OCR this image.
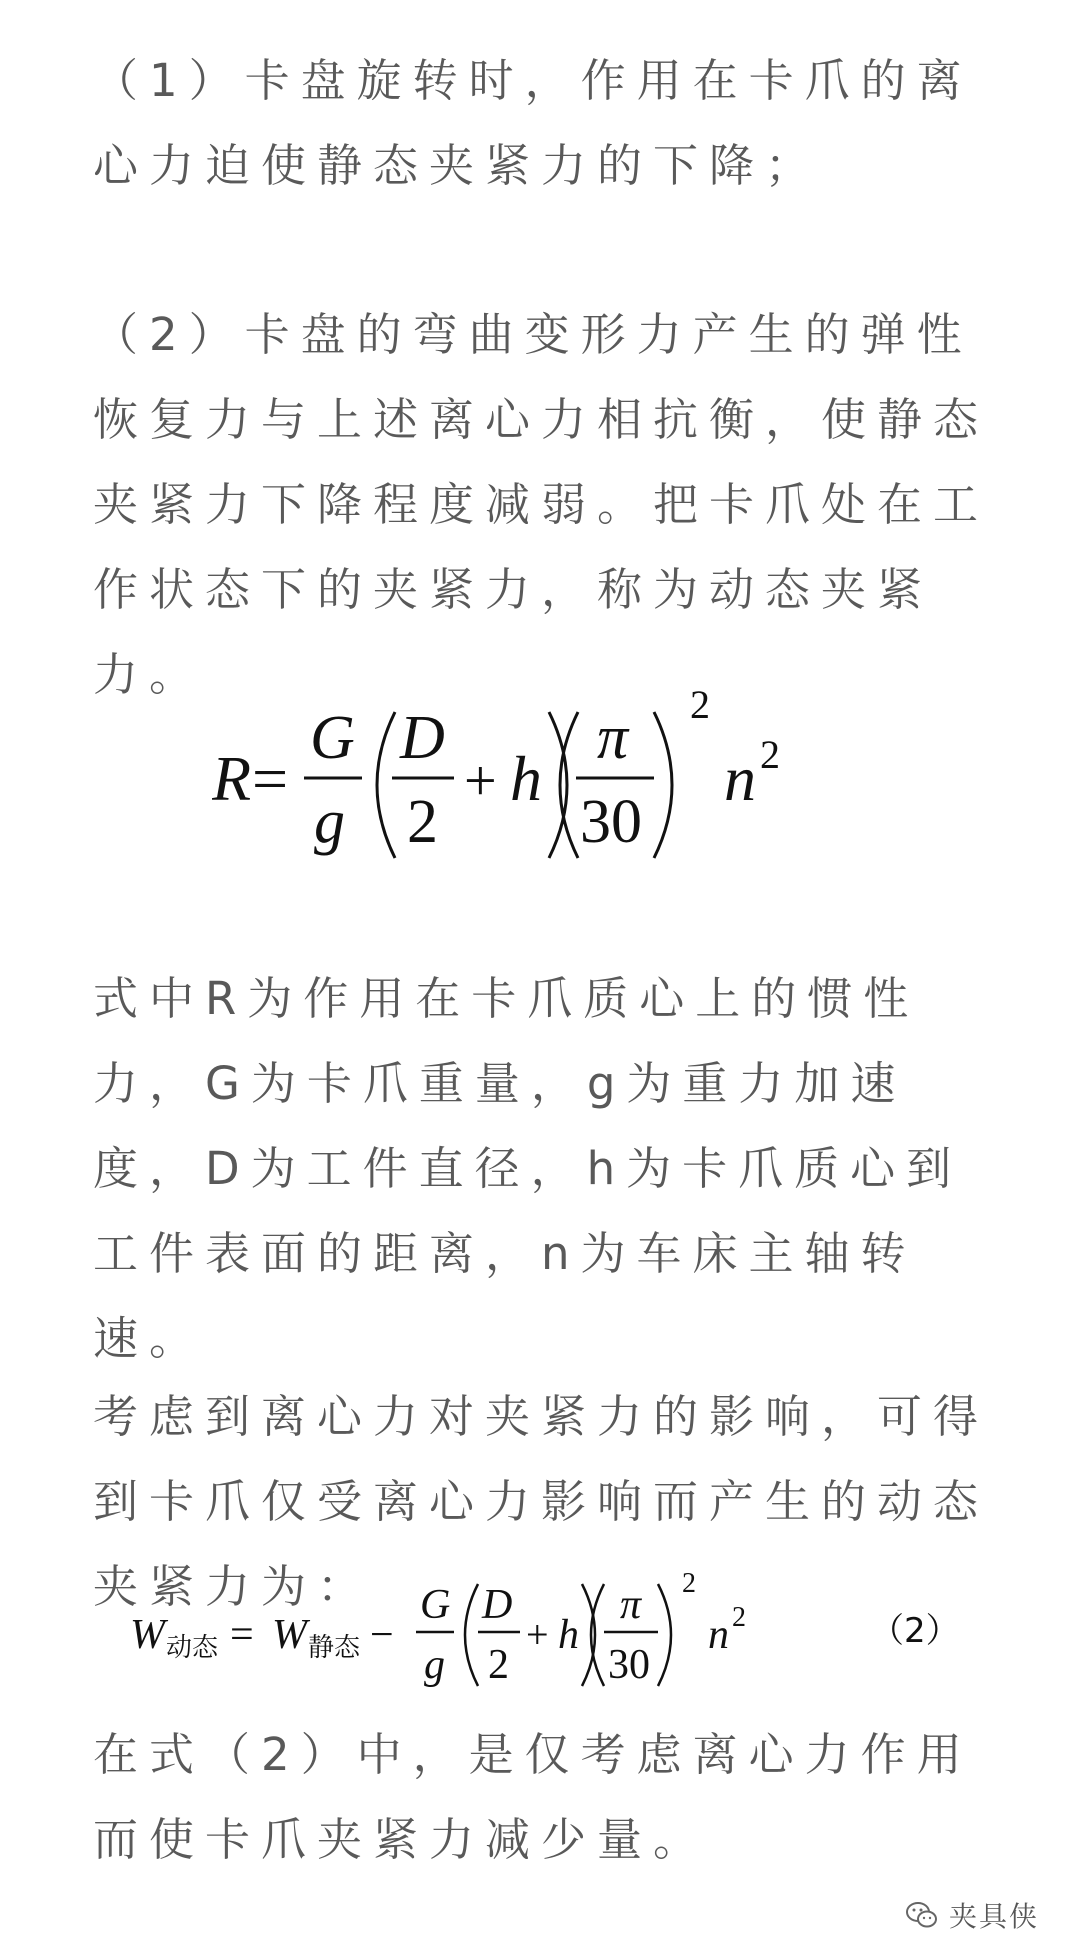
（1）卡盘旋转时，作用在卡爪的离心力迫使静态夹紧力的下降；

（2）卡盘的弯曲变形力产生的弹性恢复力与上述离心力相抗衡，使静态夹紧力下降程度减弱。把卡爪处在工作状态下的夹紧力，称为动态夹紧力。

R =
G
g
D
2
+ h
π
30
2
n 2

式中R为作用在卡爪质心上的惯性力，G为卡爪重量，g为重力加速度，D为工件直径，h为卡爪质心到工件表面的距离，n为车床主轴转速。

考虑到离心力对夹紧力的影响，可得到卡爪仅受离心力影响而产生的动态夹紧力为：

W 动态 = W 静态 −
G
g
D
2
+ h
π
30
2
n 2	（2）

在式（2）中，是仅考虑离心力作用而使卡爪夹紧力减少量。

夹具侠
